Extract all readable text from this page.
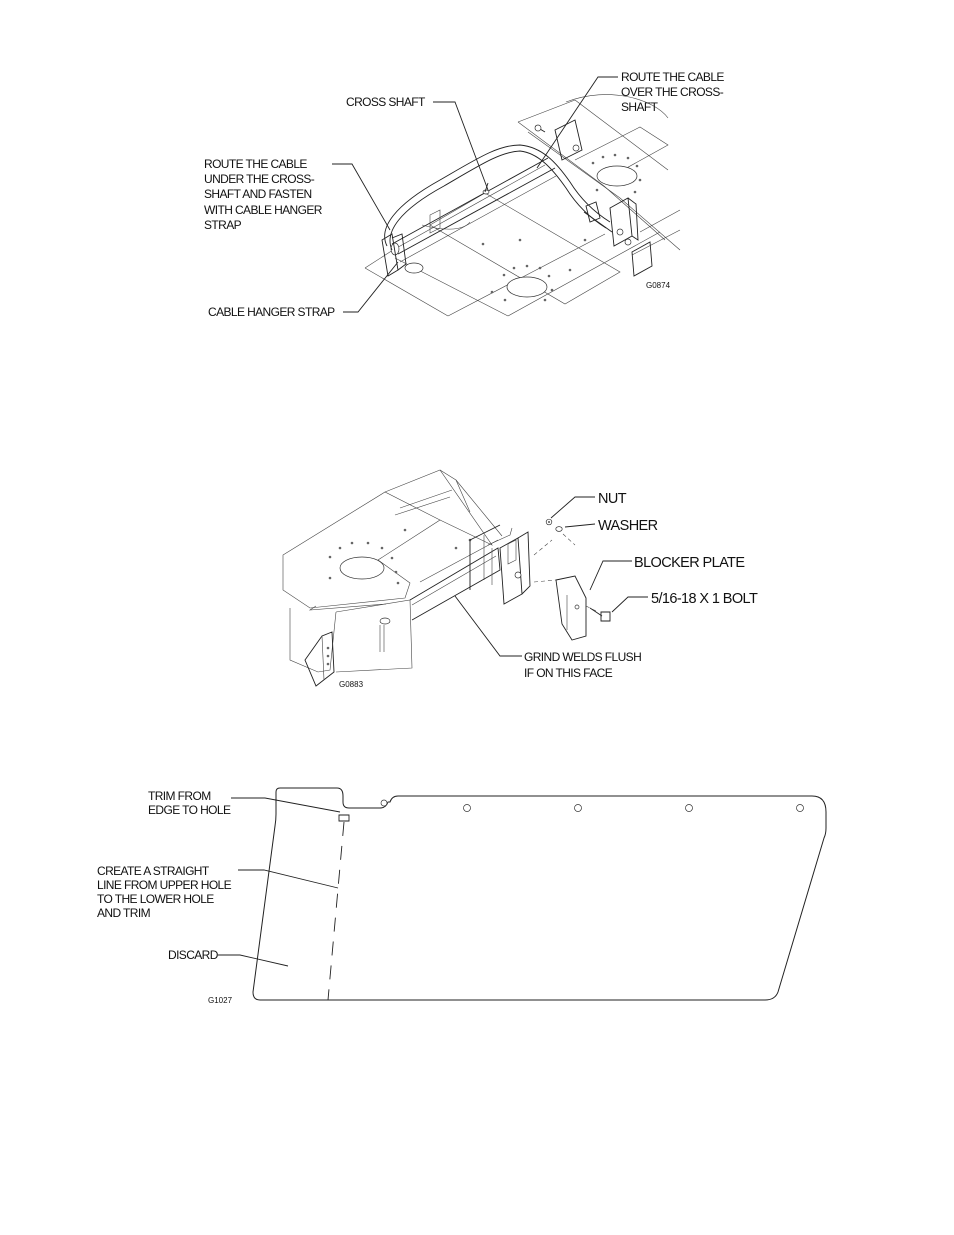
ROUTE THE CABLE
OVER THE CROSS-
SHAFT
CROSS SHAFT
ROUTE THE CABLE
UNDER THE CROSS-
SHAFT AND FASTEN
WITH CABLE HANGER
STRAP
CABLE HANGER STRAP
G0874
NUT
WASHER
BLOCKER PLATE
5/16-18 X 1 BOLT
GRIND WELDS FLUSH
IF ON THIS FACE
G0883
TRIM FROM
EDGE TO HOLE
CREATE A STRAIGHT
LINE FROM UPPER HOLE
TO THE LOWER HOLE
AND TRIM
DISCARD
G1027
